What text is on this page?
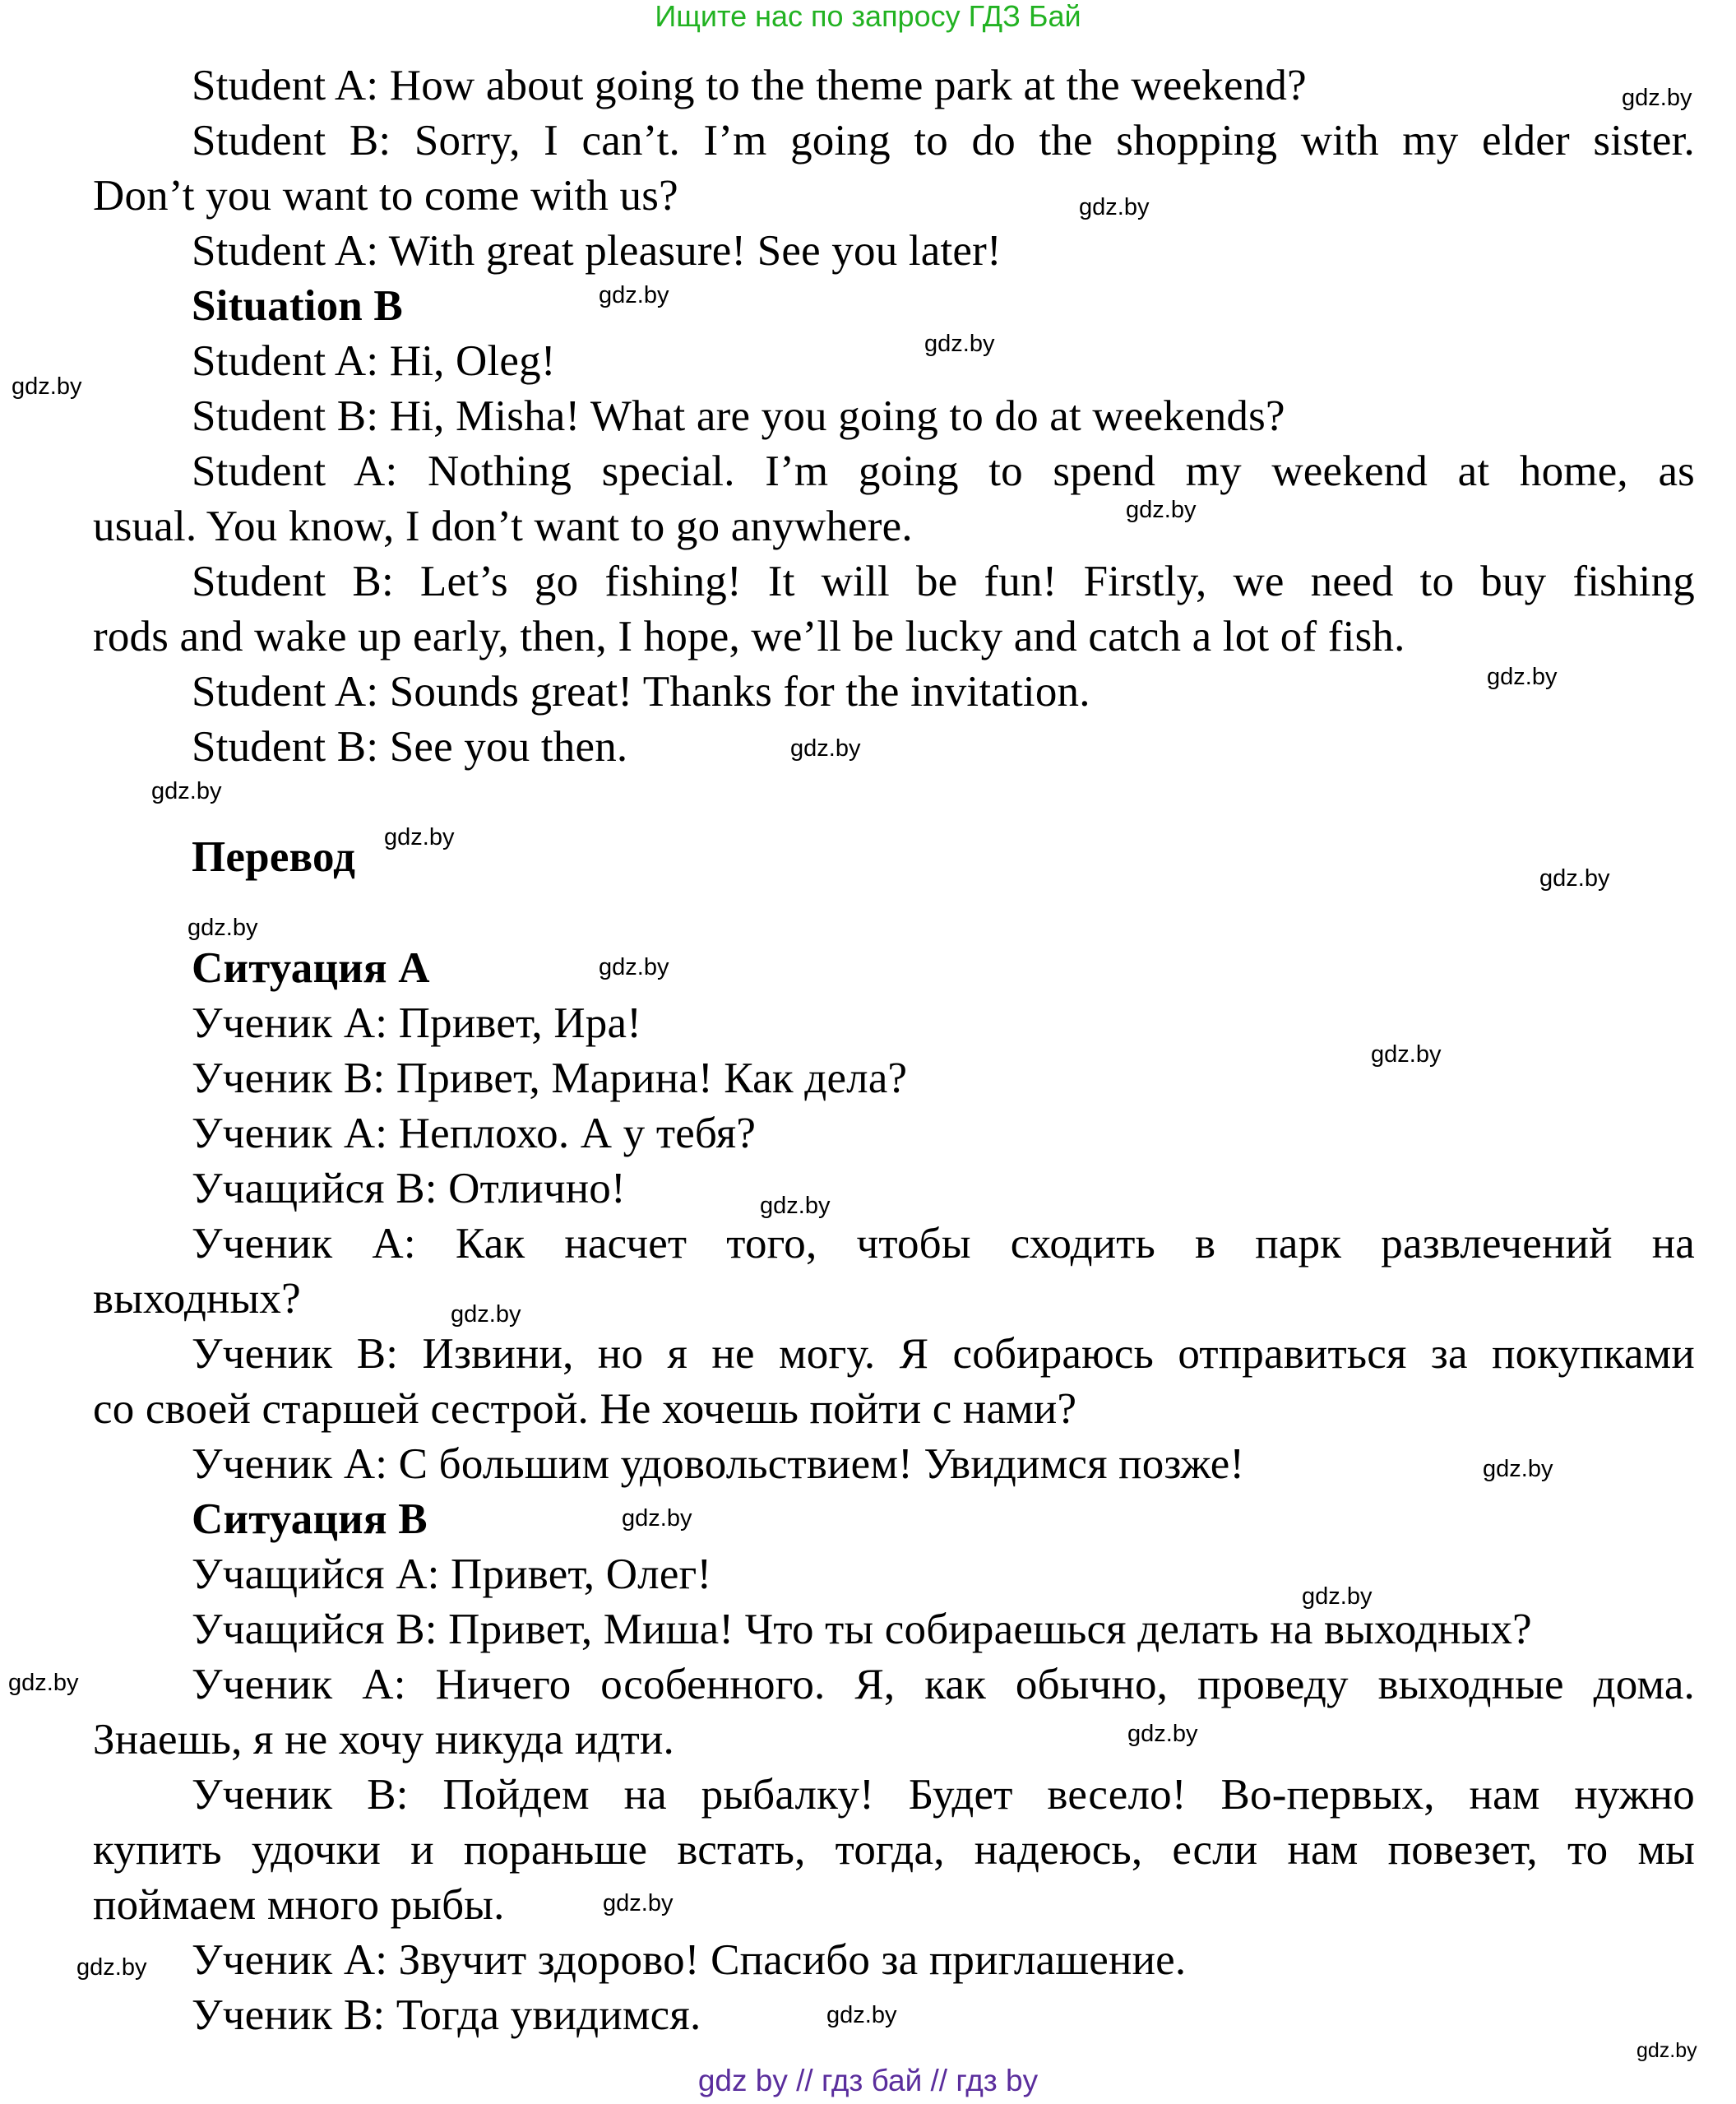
Ищите нас по запросу ГДЗ Бай
Student A: How about going to the theme park at the weekend?
Student B: Sorry, I can’t. I’m going to do the shopping with my elder sister.
Don’t you want to come with us?
Student A: With great pleasure! See you later!
Situation B
Student A: Hi, Oleg!
Student B: Hi, Misha! What are you going to do at weekends?
Student A: Nothing special. I’m going to spend my weekend at home, as
usual. You know, I don’t want to go anywhere.
Student B: Let’s go fishing! It will be fun! Firstly, we need to buy fishing
rods and wake up early, then, I hope, we’ll be lucky and catch a lot of fish.
Student A: Sounds great! Thanks for the invitation.
Student B: See you then.
Перевод
Ситуация А
Ученик А: Привет, Ира!
Ученик В: Привет, Марина! Как дела?
Ученик А: Неплохо. А у тебя?
Учащийся В: Отлично!
Ученик А: Как насчет того, чтобы сходить в парк развлечений на
выходных?
Ученик В: Извини, но я не могу. Я собираюсь отправиться за покупками
со своей старшей сестрой. Не хочешь пойти с нами?
Ученик А: С большим удовольствием! Увидимся позже!
Ситуация В
Учащийся А: Привет, Олег!
Учащийся В: Привет, Миша! Что ты собираешься делать на выходных?
Ученик А: Ничего особенного. Я, как обычно, проведу выходные дома.
Знаешь, я не хочу никуда идти.
Ученик В: Пойдем на рыбалку! Будет весело! Во-первых, нам нужно
купить удочки и пораньше встать, тогда, надеюсь, если нам повезет, то мы
поймаем много рыбы.
Ученик А: Звучит здорово! Спасибо за приглашение.
Ученик В: Тогда увидимся.
gdz.by
gdz.by
gdz.by
gdz.by
gdz.by
gdz.by
gdz.by
gdz.by
gdz.by
gdz.by
gdz.by
gdz.by
gdz.by
gdz.by
gdz.by
gdz.by
gdz.by
gdz.by
gdz.by
gdz.by
gdz.by
gdz.by
gdz.by
gdz.by
gdz.by
gdz by // гдз бай // гдз by
